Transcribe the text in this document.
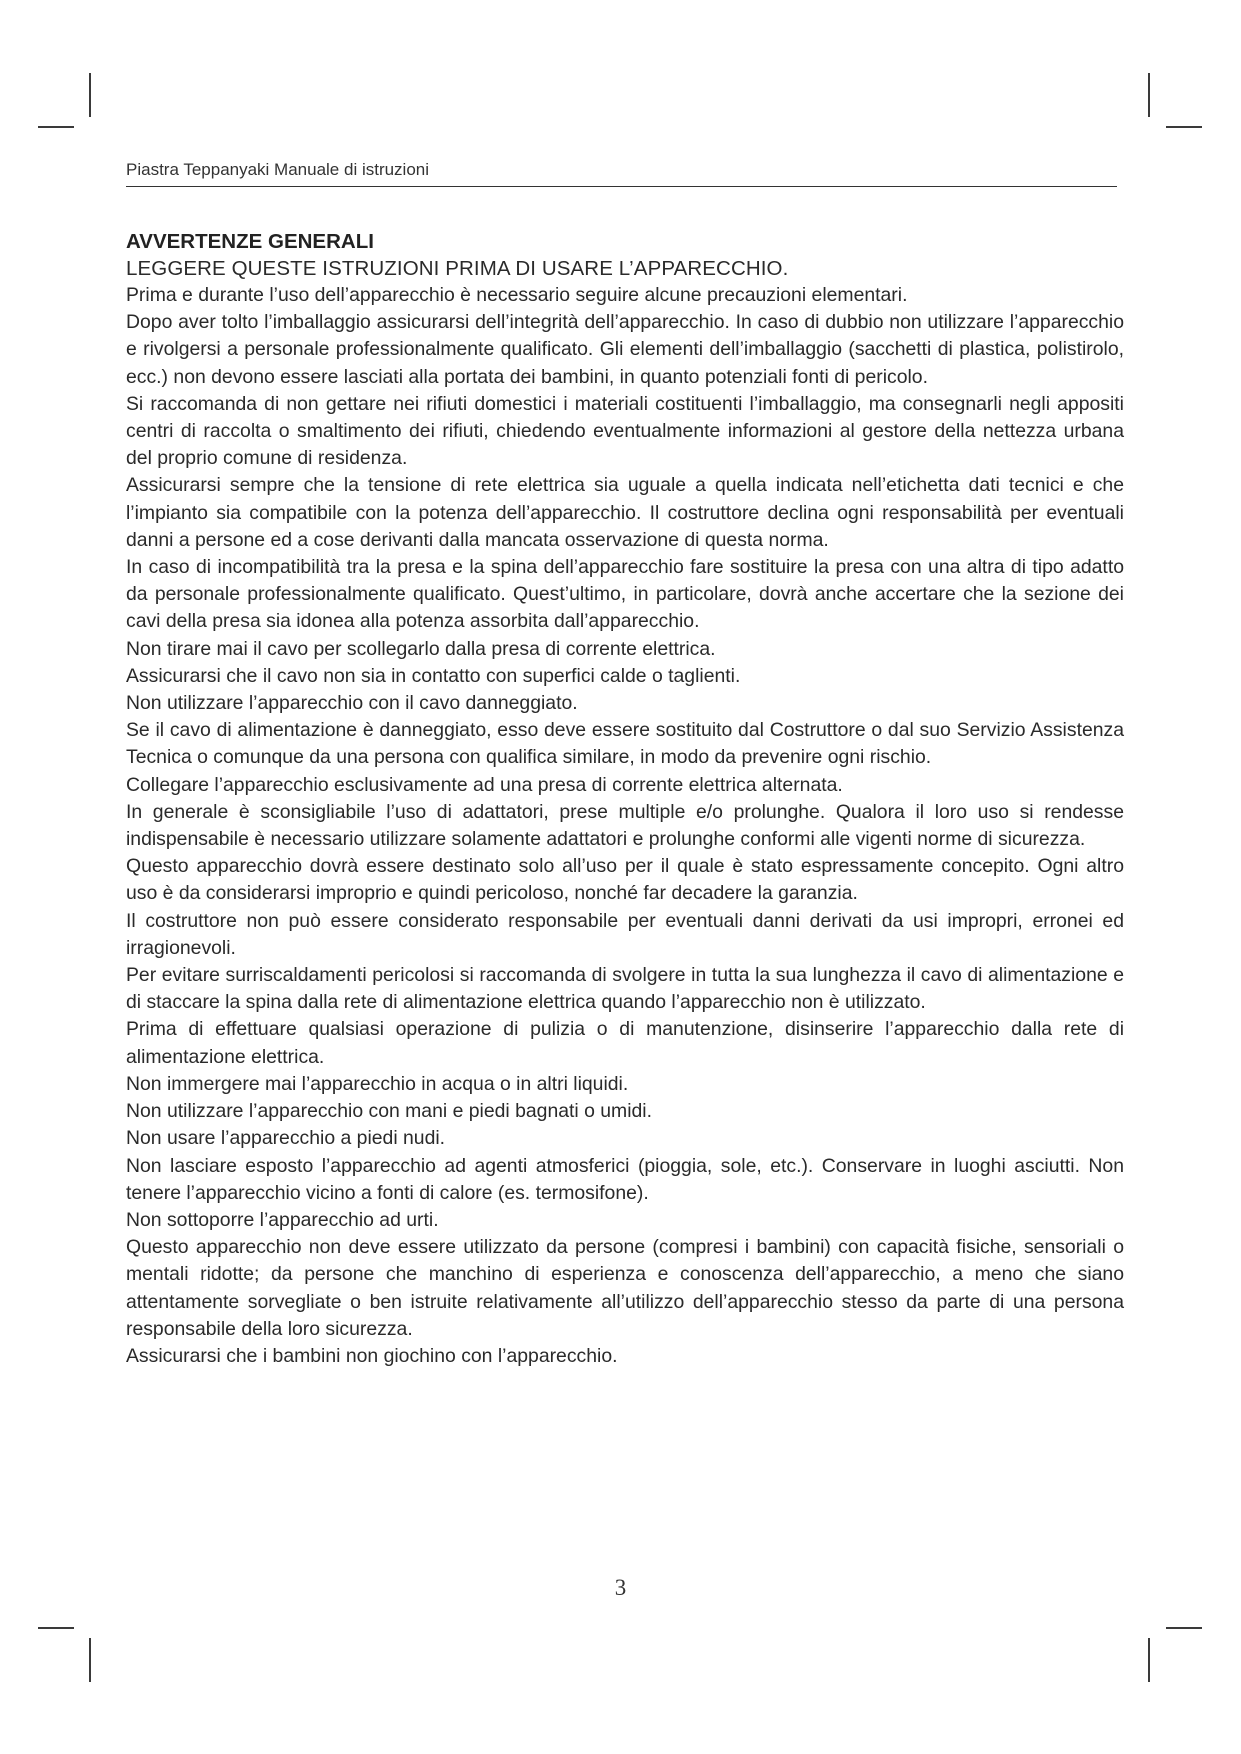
Piastra Teppanyaki Manuale di istruzioni

AVVERTENZE GENERALI

LEGGERE QUESTE ISTRUZIONI PRIMA DI USARE L’APPARECCHIO.

Prima e durante l’uso dell’apparecchio è necessario seguire alcune precauzioni elementari.

Dopo aver tolto l’imballaggio assicurarsi dell’integrità dell’apparecchio. In caso di dubbio non utilizzare l’apparecchio e rivolgersi a personale professionalmente qualificato. Gli elementi dell’imballaggio (sacchetti di plastica, polistirolo, ecc.) non devono essere lasciati alla portata dei bambini, in quanto potenziali fonti di pericolo.

Si raccomanda di non gettare nei rifiuti domestici i materiali costituenti l’imballaggio, ma consegnarli negli appositi centri di raccolta o smaltimento dei rifiuti, chiedendo eventualmente informazioni al gestore della nettezza urbana del proprio comune di residenza.

Assicurarsi sempre che la tensione di rete elettrica sia uguale a quella indicata nell’etichetta dati tecnici e che l’impianto sia compatibile con la potenza dell’apparecchio. Il costruttore declina ogni responsabilità per eventuali danni a persone ed a cose derivanti dalla mancata osservazione di questa norma.

In caso di incompatibilità tra la presa e la spina dell’apparecchio fare sostituire la presa con una altra di tipo adatto da personale professionalmente qualificato. Quest’ultimo, in particolare, dovrà anche accertare che la sezione dei cavi della presa sia idonea alla potenza assorbita dall’apparecchio.

Non tirare mai il cavo per scollegarlo dalla presa di corrente elettrica.

Assicurarsi che il cavo non sia in contatto con superfici calde o taglienti.

Non utilizzare l’apparecchio con il cavo danneggiato.

Se il cavo di alimentazione è danneggiato, esso deve essere sostituito dal Costruttore o dal suo Servizio Assistenza Tecnica o comunque da una persona con qualifica similare, in modo da prevenire ogni rischio.

Collegare l’apparecchio esclusivamente ad una presa di corrente elettrica alternata.

In generale è sconsigliabile l’uso di adattatori, prese multiple e/o prolunghe. Qualora il loro uso si rendesse indispensabile è necessario utilizzare solamente adattatori e prolunghe conformi alle vigenti norme di sicurezza.

Questo apparecchio dovrà essere destinato solo all’uso per il quale è stato espressamente concepito. Ogni altro uso è da considerarsi improprio e quindi pericoloso, nonché far decadere la garanzia.

Il costruttore non può essere considerato responsabile per eventuali danni derivati da usi impropri, erronei ed irragionevoli.

Per evitare surriscaldamenti pericolosi si raccomanda di svolgere in tutta la sua lunghezza il cavo di alimentazione e di staccare la spina dalla rete di alimentazione elettrica quando l’apparecchio non è utilizzato.

Prima di effettuare qualsiasi operazione di pulizia o di manutenzione, disinserire l’apparecchio dalla rete di alimentazione elettrica.

Non immergere mai l’apparecchio in acqua o in altri liquidi.

Non utilizzare l’apparecchio con mani e piedi bagnati o umidi.

Non usare l’apparecchio a piedi nudi.

Non lasciare esposto l’apparecchio ad agenti atmosferici (pioggia, sole, etc.). Conservare in luoghi asciutti. Non tenere l’apparecchio vicino a fonti di calore (es. termosifone).

Non sottoporre l’apparecchio ad urti.

Questo apparecchio non deve essere utilizzato da persone (compresi i bambini) con capacità fisiche, sensoriali o mentali ridotte; da persone che manchino di esperienza e conoscenza dell’apparecchio, a meno che siano attentamente sorvegliate o ben istruite relativamente all’utilizzo dell’apparecchio stesso da parte di una persona responsabile della loro sicurezza.

Assicurarsi che i bambini non giochino con l’apparecchio.

3
